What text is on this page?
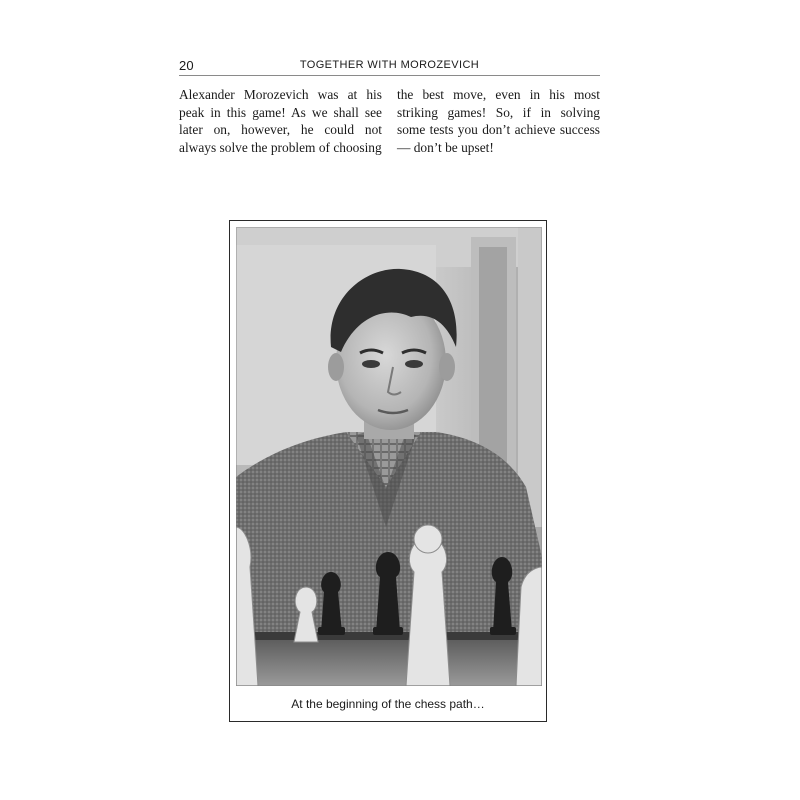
20	TOGETHER WITH MOROZEVICH

Alexander Morozevich was at his peak in this game! As we shall see later on, however, he could not always solve the problem of choosing

the best move, even in his most striking games! So, if in solving some tests you don’t achieve success — don’t be upset!

At the beginning of the chess path…
